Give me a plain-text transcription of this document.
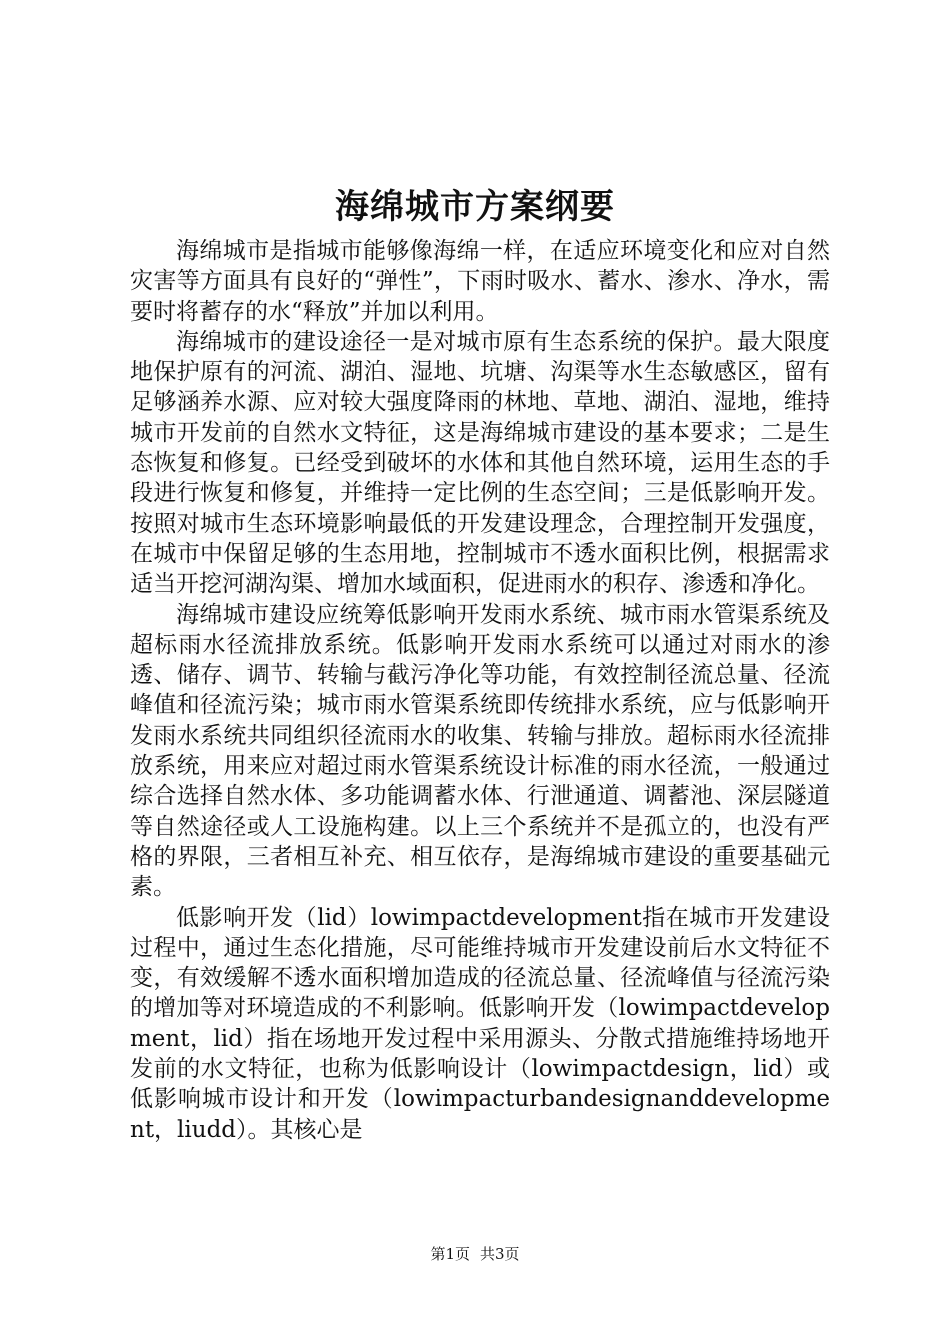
海绵城市方案纲要

海绵城市是指城市能够像海绵一样，在适应环境变化和应对自然灾害等方面具有良好的“弹性”，下雨时吸水、蓄水、渗水、净水，需要时将蓄存的水“释放”并加以利用。

海绵城市的建设途径一是对城市原有生态系统的保护。最大限度地保护原有的河流、湖泊、湿地、坑塘、沟渠等水生态敏感区，留有足够涵养水源、应对较大强度降雨的林地、草地、湖泊、湿地，维持城市开发前的自然水文特征，这是海绵城市建设的基本要求；二是生态恢复和修复。已经受到破坏的水体和其他自然环境，运用生态的手段进行恢复和修复，并维持一定比例的生态空间；三是低影响开发。按照对城市生态环境影响最低的开发建设理念，合理控制开发强度，在城市中保留足够的生态用地，控制城市不透水面积比例，根据需求适当开挖河湖沟渠、增加水域面积，促进雨水的积存、渗透和净化。

海绵城市建设应统筹低影响开发雨水系统、城市雨水管渠系统及超标雨水径流排放系统。低影响开发雨水系统可以通过对雨水的渗透、储存、调节、转输与截污净化等功能，有效控制径流总量、径流峰值和径流污染；城市雨水管渠系统即传统排水系统，应与低影响开发雨水系统共同组织径流雨水的收集、转输与排放。超标雨水径流排放系统，用来应对超过雨水管渠系统设计标准的雨水径流，一般通过综合选择自然水体、多功能调蓄水体、行泄通道、调蓄池、深层隧道等自然途径或人工设施构建。以上三个系统并不是孤立的，也没有严格的界限，三者相互补充、相互依存，是海绵城市建设的重要基础元素。

低影响开发（lid）lowimpactdevelopment指在城市开发建设过程中，通过生态化措施，尽可能维持城市开发建设前后水文特征不变，有效缓解不透水面积增加造成的径流总量、径流峰值与径流污染的增加等对环境造成的不利影响。低影响开发（lowimpactdevelopment，lid）指在场地开发过程中采用源头、分散式措施维持场地开发前的水文特征，也称为低影响设计（lowimpactdesign，lid）或低影响城市设计和开发（lowimpacturbandesignanddevelopment，liudd）。其核心是

第1页 共3页
